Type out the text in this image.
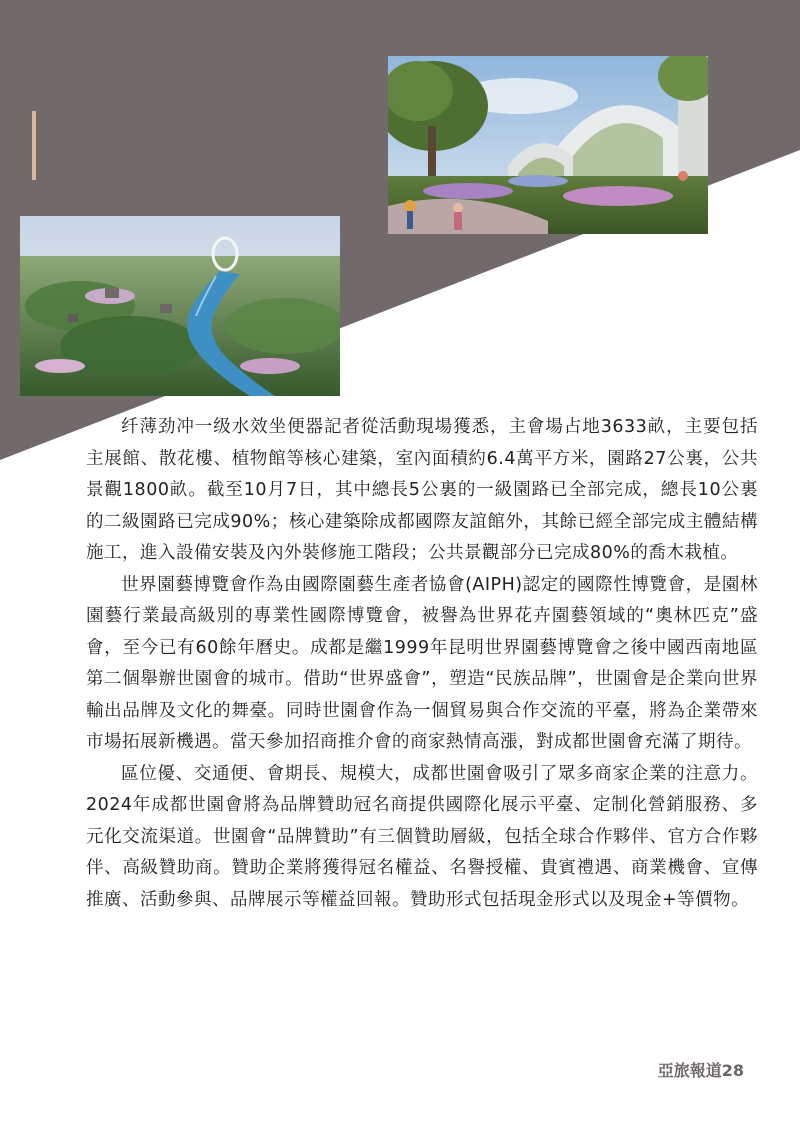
纤薄劲冲一级水效坐便器記者從活動現場獲悉，主會場占地3633畝，主要包括主展館、散花樓、植物館等核心建築，室內面積約6.4萬平方米，園路27公裏，公共景觀1800畝。截至10月7日，其中總長5公裏的一級園路已全部完成，總長10公裏的二級園路已完成90%；核心建築除成都國際友誼館外，其餘已經全部完成主體結構施工，進入設備安裝及內外裝修施工階段；公共景觀部分已完成80%的喬木栽植。

世界園藝博覽會作為由國際園藝生產者協會(AIPH)認定的國際性博覽會，是園林園藝行業最高級別的專業性國際博覽會，被譽為世界花卉園藝領域的“奧林匹克”盛會，至今已有60餘年曆史。成都是繼1999年昆明世界園藝博覽會之後中國西南地區第二個舉辦世園會的城市。借助“世界盛會”，塑造“民族品牌”，世園會是企業向世界輸出品牌及文化的舞臺。同時世園會作為一個貿易與合作交流的平臺，將為企業帶來市場拓展新機遇。當天參加招商推介會的商家熱情高漲，對成都世園會充滿了期待。

區位優、交通便、會期長、規模大，成都世園會吸引了眾多商家企業的注意力。2024年成都世園會將為品牌贊助冠名商提供國際化展示平臺、定制化營銷服務、多元化交流渠道。世園會“品牌贊助”有三個贊助層級，包括全球合作夥伴、官方合作夥伴、高級贊助商。贊助企業將獲得冠名權益、名譽授權、貴賓禮遇、商業機會、宣傳推廣、活動參與、品牌展示等權益回報。贊助形式包括現金形式以及現金+等價物。

亞旅報道28
